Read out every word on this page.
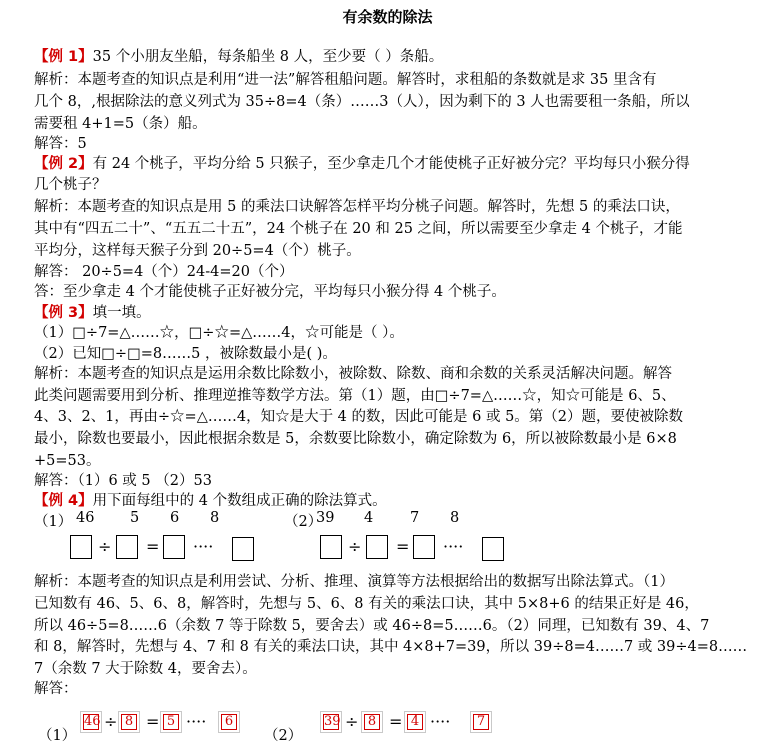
有余数的除法
【例 1】35 个小朋友坐船，每条船坐 8 人，至少要（ ）条船。
解析：本题考查的知识点是利用“进一法”解答租船问题。解答时，求租船的条数就是求 35 里含有
几个 8，,根据除法的意义列式为 35÷8=4（条）……3（人），因为剩下的 3 人也需要租一条船，所以
需要租 4+1=5（条）船。
解答：5
【例 2】有 24 个桃子，平均分给 5 只猴子，至少拿走几个才能使桃子正好被分完？平均每只小猴分得
几个桃子？
解析：本题考查的知识点是用 5 的乘法口诀解答怎样平均分桃子问题。解答时，先想 5 的乘法口诀，
其中有“四五二十”、“五五二十五”，24 个桃子在 20 和 25 之间，所以需要至少拿走 4 个桃子，才能
平均分，这样每天猴子分到 20÷5=4（个）桃子。
解答： 20÷5=4（个）24-4=20（个）
答：至少拿走 4 个才能使桃子正好被分完，平均每只小猴分得 4 个桃子。
【例 3】填一填。
（1）□÷7=△……☆，□÷☆=△……4，☆可能是（ ）。
（2）已知□÷□=8……5 ，被除数最小是( )。
解析：本题考查的知识点是运用余数比除数小，被除数、除数、商和余数的关系灵活解决问题。解答
此类问题需要用到分析、推理逆推等数学方法。第（1）题，由□÷7=△……☆，知☆可能是 6、5、
4、3、2、1，再由÷☆=△……4，知☆是大于 4 的数，因此可能是 6 或 5。第（2）题，要使被除数
最小，除数也要最小，因此根据余数是 5，余数要比除数小，确定除数为 6，所以被除数最小是 6×8
+5=53。
解答：（1）6 或 5 （2）53
【例 4】用下面每组中的 4 个数组成正确的除法算式。
解析：本题考查的知识点是利用尝试、分析、推理、演算等方法根据给出的数据写出除法算式。（1）
已知数有 46、5、6、8，解答时，先想与 5、6、8 有关的乘法口诀，其中 5×8+6 的结果正好是 46，
所以 46÷5=8……6（余数 7 等于除数 5，要舍去）或 46÷8=5……6。（2）同理，已知数有 39、4、7
和 8，解答时，先想与 4、7 和 8 有关的乘法口诀，其中 4×8+7=39，所以 39÷8=4……7 或 39÷4=8……
7（余数 7 大于除数 4，要舍去）。
解答：
（1） 46 5 6 8	（2）
39 4	7 8
÷ = ····	÷ = ····
（1）
46 ÷ 8 = 5 ···· 6
（2）
39 ÷ 8 = 4 ···· 7
